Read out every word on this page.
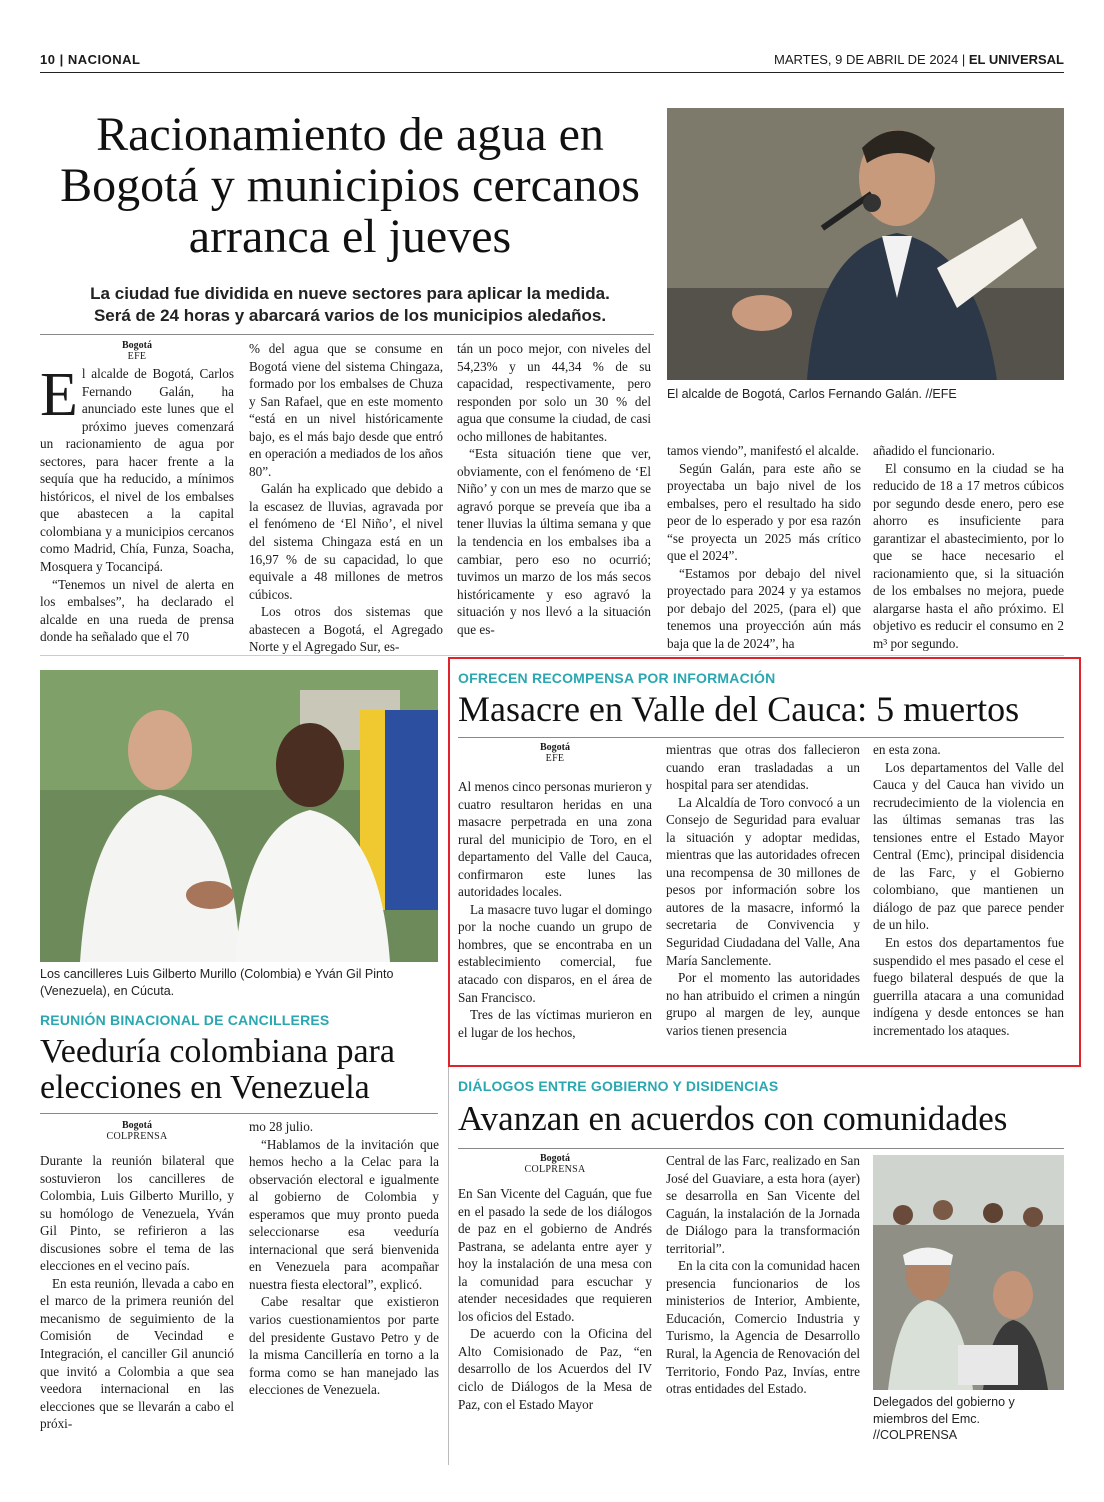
10 | NACIONAL	MARTES, 9 DE ABRIL DE 2024 | EL UNIVERSAL
Racionamiento de agua en Bogotá y municipios cercanos arranca el jueves
La ciudad fue dividida en nueve sectores para aplicar la medida. Será de 24 horas y abarcará varios de los municipios aledaños.
El alcalde de Bogotá, Carlos Fernando Galán. //EFE
Bogotá
EFE

El alcalde de Bogotá, Carlos Fernando Galán, ha anunciado este lunes que el próximo jueves comenzará un racionamiento de agua por sectores, para hacer frente a la sequía que ha reducido, a mínimos históricos, el nivel de los embalses que abastecen a la capital colombiana y a municipios cercanos como Madrid, Chía, Funza, Soacha, Mosquera y Tocancipá.

“Tenemos un nivel de alerta en los embalses”, ha declarado el alcalde en una rueda de prensa donde ha señalado que el 70

% del agua que se consume en Bogotá viene del sistema Chingaza, formado por los embalses de Chuza y San Rafael, que en este momento “está en un nivel históricamente bajo, es el más bajo desde que entró en operación a mediados de los años 80”.

Galán ha explicado que debido a la escasez de lluvias, agravada por el fenómeno de ‘El Niño’, el nivel del sistema Chingaza está en un 16,97 % de su capacidad, lo que equivale a 48 millones de metros cúbicos.

Los otros dos sistemas que abastecen a Bogotá, el Agregado Norte y el Agregado Sur, es-

tán un poco mejor, con niveles del 54,23% y un 44,34 % de su capacidad, respectivamente, pero responden por solo un 30 % del agua que consume la ciudad, de casi ocho millones de habitantes.

“Esta situación tiene que ver, obviamente, con el fenómeno de ‘El Niño’ y con un mes de marzo que se agravó porque se preveía que iba a tener lluvias la última semana y que la tendencia en los embalses iba a cambiar, pero eso no ocurrió; tuvimos un marzo de los más secos históricamente y eso agravó la situación y nos llevó a la situación que es-

tamos viendo”, manifestó el alcalde.

Según Galán, para este año se proyectaba un bajo nivel de los embalses, pero el resultado ha sido peor de lo esperado y por esa razón “se proyecta un 2025 más crítico que el 2024”.

“Estamos por debajo del nivel proyectado para 2024 y ya estamos por debajo del 2025, (para el) que tenemos una proyección aún más baja que la de 2024”, ha

añadido el funcionario.

El consumo en la ciudad se ha reducido de 18 a 17 metros cúbicos por segundo desde enero, pero ese ahorro es insuficiente para garantizar el abastecimiento, por lo que se hace necesario el racionamiento que, si la situación de los embalses no mejora, puede alargarse hasta el año próximo. El objetivo es reducir el consumo en 2 m³ por segundo.

Los cancilleres Luis Gilberto Murillo (Colombia) e Yván Gil Pinto (Venezuela), en Cúcuta.
REUNIÓN BINACIONAL DE CANCILLERES
Veeduría colombiana para elecciones en Venezuela
Bogotá
COLPRENSA

Durante la reunión bilateral que sostuvieron los cancilleres de Colombia, Luis Gilberto Murillo, y su homólogo de Venezuela, Yván Gil Pinto, se refirieron a las discusiones sobre el tema de las elecciones en el vecino país.

En esta reunión, llevada a cabo en el marco de la primera reunión del mecanismo de seguimiento de la Comisión de Vecindad e Integración, el canciller Gil anunció que invitó a Colombia a que sea veedora internacional en las elecciones que se llevarán a cabo el próxi-

mo 28 julio.

“Hablamos de la invitación que hemos hecho a la Celac para la observación electoral e igualmente al gobierno de Colombia y esperamos que muy pronto pueda seleccionarse esa veeduría internacional que será bienvenida en Venezuela para acompañar nuestra fiesta electoral”, explicó.

Cabe resaltar que existieron varios cuestionamientos por parte del presidente Gustavo Petro y de la misma Cancillería en torno a la forma como se han manejado las elecciones de Venezuela.

OFRECEN RECOMPENSA POR INFORMACIÓN
Masacre en Valle del Cauca: 5 muertos
Bogotá
EFE

Al menos cinco personas murieron y cuatro resultaron heridas en una masacre perpetrada en una zona rural del municipio de Toro, en el departamento del Valle del Cauca, confirmaron este lunes las autoridades locales.

La masacre tuvo lugar el domingo por la noche cuando un grupo de hombres, que se encontraba en un establecimiento comercial, fue atacado con disparos, en el área de San Francisco.

Tres de las víctimas murieron en el lugar de los hechos,

mientras que otras dos fallecieron cuando eran trasladadas a un hospital para ser atendidas.

La Alcaldía de Toro convocó a un Consejo de Seguridad para evaluar la situación y adoptar medidas, mientras que las autoridades ofrecen una recompensa de 30 millones de pesos por información sobre los autores de la masacre, informó la secretaria de Convivencia y Seguridad Ciudadana del Valle, Ana María Sanclemente.

Por el momento las autoridades no han atribuido el crimen a ningún grupo al margen de ley, aunque varios tienen presencia

en esta zona.

Los departamentos del Valle del Cauca y del Cauca han vivido un recrudecimiento de la violencia en las últimas semanas tras las tensiones entre el Estado Mayor Central (Emc), principal disidencia de las Farc, y el Gobierno colombiano, que mantienen un diálogo de paz que parece pender de un hilo.

En estos dos departamentos fue suspendido el mes pasado el cese el fuego bilateral después de que la guerrilla atacara a una comunidad indígena y desde entonces se han incrementado los ataques.

DIÁLOGOS ENTRE GOBIERNO Y DISIDENCIAS
Avanzan en acuerdos con comunidades
Bogotá
COLPRENSA

En San Vicente del Caguán, que fue en el pasado la sede de los diálogos de paz en el gobierno de Andrés Pastrana, se adelanta entre ayer y hoy la instalación de una mesa con la comunidad para escuchar y atender necesidades que requieren los oficios del Estado.

De acuerdo con la Oficina del Alto Comisionado de Paz, “en desarrollo de los Acuerdos del IV ciclo de Diálogos de la Mesa de Paz, con el Estado Mayor

Central de las Farc, realizado en San José del Guaviare, a esta hora (ayer) se desarrolla en San Vicente del Caguán, la instalación de la Jornada de Diálogo para la transformación territorial”.

En la cita con la comunidad hacen presencia funcionarios de los ministerios de Interior, Ambiente, Educación, Comercio Industria y Turismo, la Agencia de Desarrollo Rural, la Agencia de Renovación del Territorio, Fondo Paz, Invías, entre otras entidades del Estado.

Delegados del gobierno y miembros del Emc. //COLPRENSA
